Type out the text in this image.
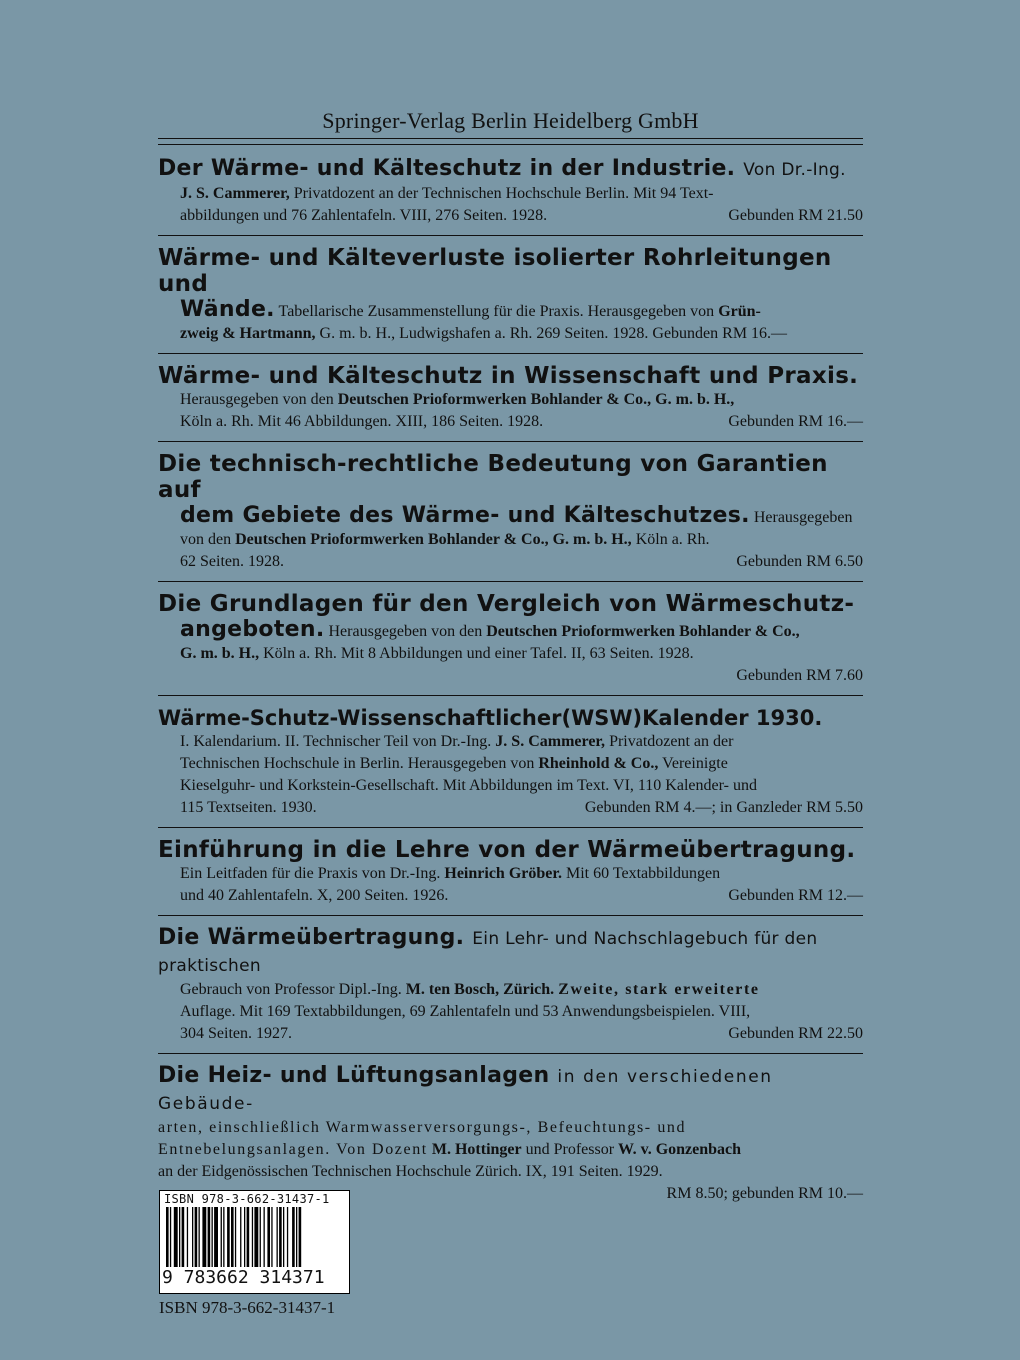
Springer-Verlag Berlin Heidelberg GmbH
Der Wärme- und Kälteschutz in der Industrie. Von Dr.-Ing.
J. S. Cammerer, Privatdozent an der Technischen Hochschule Berlin. Mit 94 Text-
abbildungen und 76 Zahlentafeln. VIII, 276 Seiten. 1928.	Gebunden RM 21.50
Wärme- und Kälteverluste isolierter Rohrleitungen und
Wände. Tabellarische Zusammenstellung für die Praxis. Herausgegeben von Grün-
zweig & Hartmann, G. m. b. H., Ludwigshafen a. Rh. 269 Seiten. 1928. Gebunden RM 16.—
Wärme- und Kälteschutz in Wissenschaft und Praxis.
Herausgegeben von den Deutschen Prioformwerken Bohlander & Co., G. m. b. H.,
Köln a. Rh. Mit 46 Abbildungen. XIII, 186 Seiten. 1928.	Gebunden RM 16.—
Die technisch-rechtliche Bedeutung von Garantien auf
dem Gebiete des Wärme- und Kälteschutzes. Herausgegeben
von den Deutschen Prioformwerken Bohlander & Co., G. m. b. H., Köln a. Rh.
62 Seiten. 1928.	Gebunden RM 6.50
Die Grundlagen für den Vergleich von Wärmeschutz-
angeboten. Herausgegeben von den Deutschen Prioformwerken Bohlander & Co.,
G. m. b. H., Köln a. Rh. Mit 8 Abbildungen und einer Tafel. II, 63 Seiten. 1928.
Gebunden RM 7.60
Wärme-Schutz-Wissenschaftlicher(WSW)Kalender 1930.
I. Kalendarium. II. Technischer Teil von Dr.-Ing. J. S. Cammerer, Privatdozent an der
Technischen Hochschule in Berlin. Herausgegeben von Rheinhold & Co., Vereinigte
Kieselguhr- und Korkstein-Gesellschaft. Mit Abbildungen im Text. VI, 110 Kalender- und
115 Textseiten. 1930.	Gebunden RM 4.—; in Ganzleder RM 5.50
Einführung in die Lehre von der Wärmeübertragung.
Ein Leitfaden für die Praxis von Dr.-Ing. Heinrich Gröber. Mit 60 Textabbildungen
und 40 Zahlentafeln. X, 200 Seiten. 1926.	Gebunden RM 12.—
Die Wärmeübertragung. Ein Lehr- und Nachschlagebuch für den praktischen
Gebrauch von Professor Dipl.-Ing. M. ten Bosch, Zürich. Zweite, stark erweiterte
Auflage. Mit 169 Textabbildungen, 69 Zahlentafeln und 53 Anwendungsbeispielen. VIII,
304 Seiten. 1927.	Gebunden RM 22.50
Die Heiz- und Lüftungsanlagen in den verschiedenen Gebäude-
arten, einschließlich Warmwasserversorgungs-, Befeuchtungs- und
Entnebelungsanlagen. Von Dozent M. Hottinger und Professor W. v. Gonzenbach
an der Eidgenössischen Technischen Hochschule Zürich. IX, 191 Seiten. 1929.
RM 8.50; gebunden RM 10.—
ISBN 978-3-662-31437-1
9 783662 314371
ISBN 978-3-662-31437-1
